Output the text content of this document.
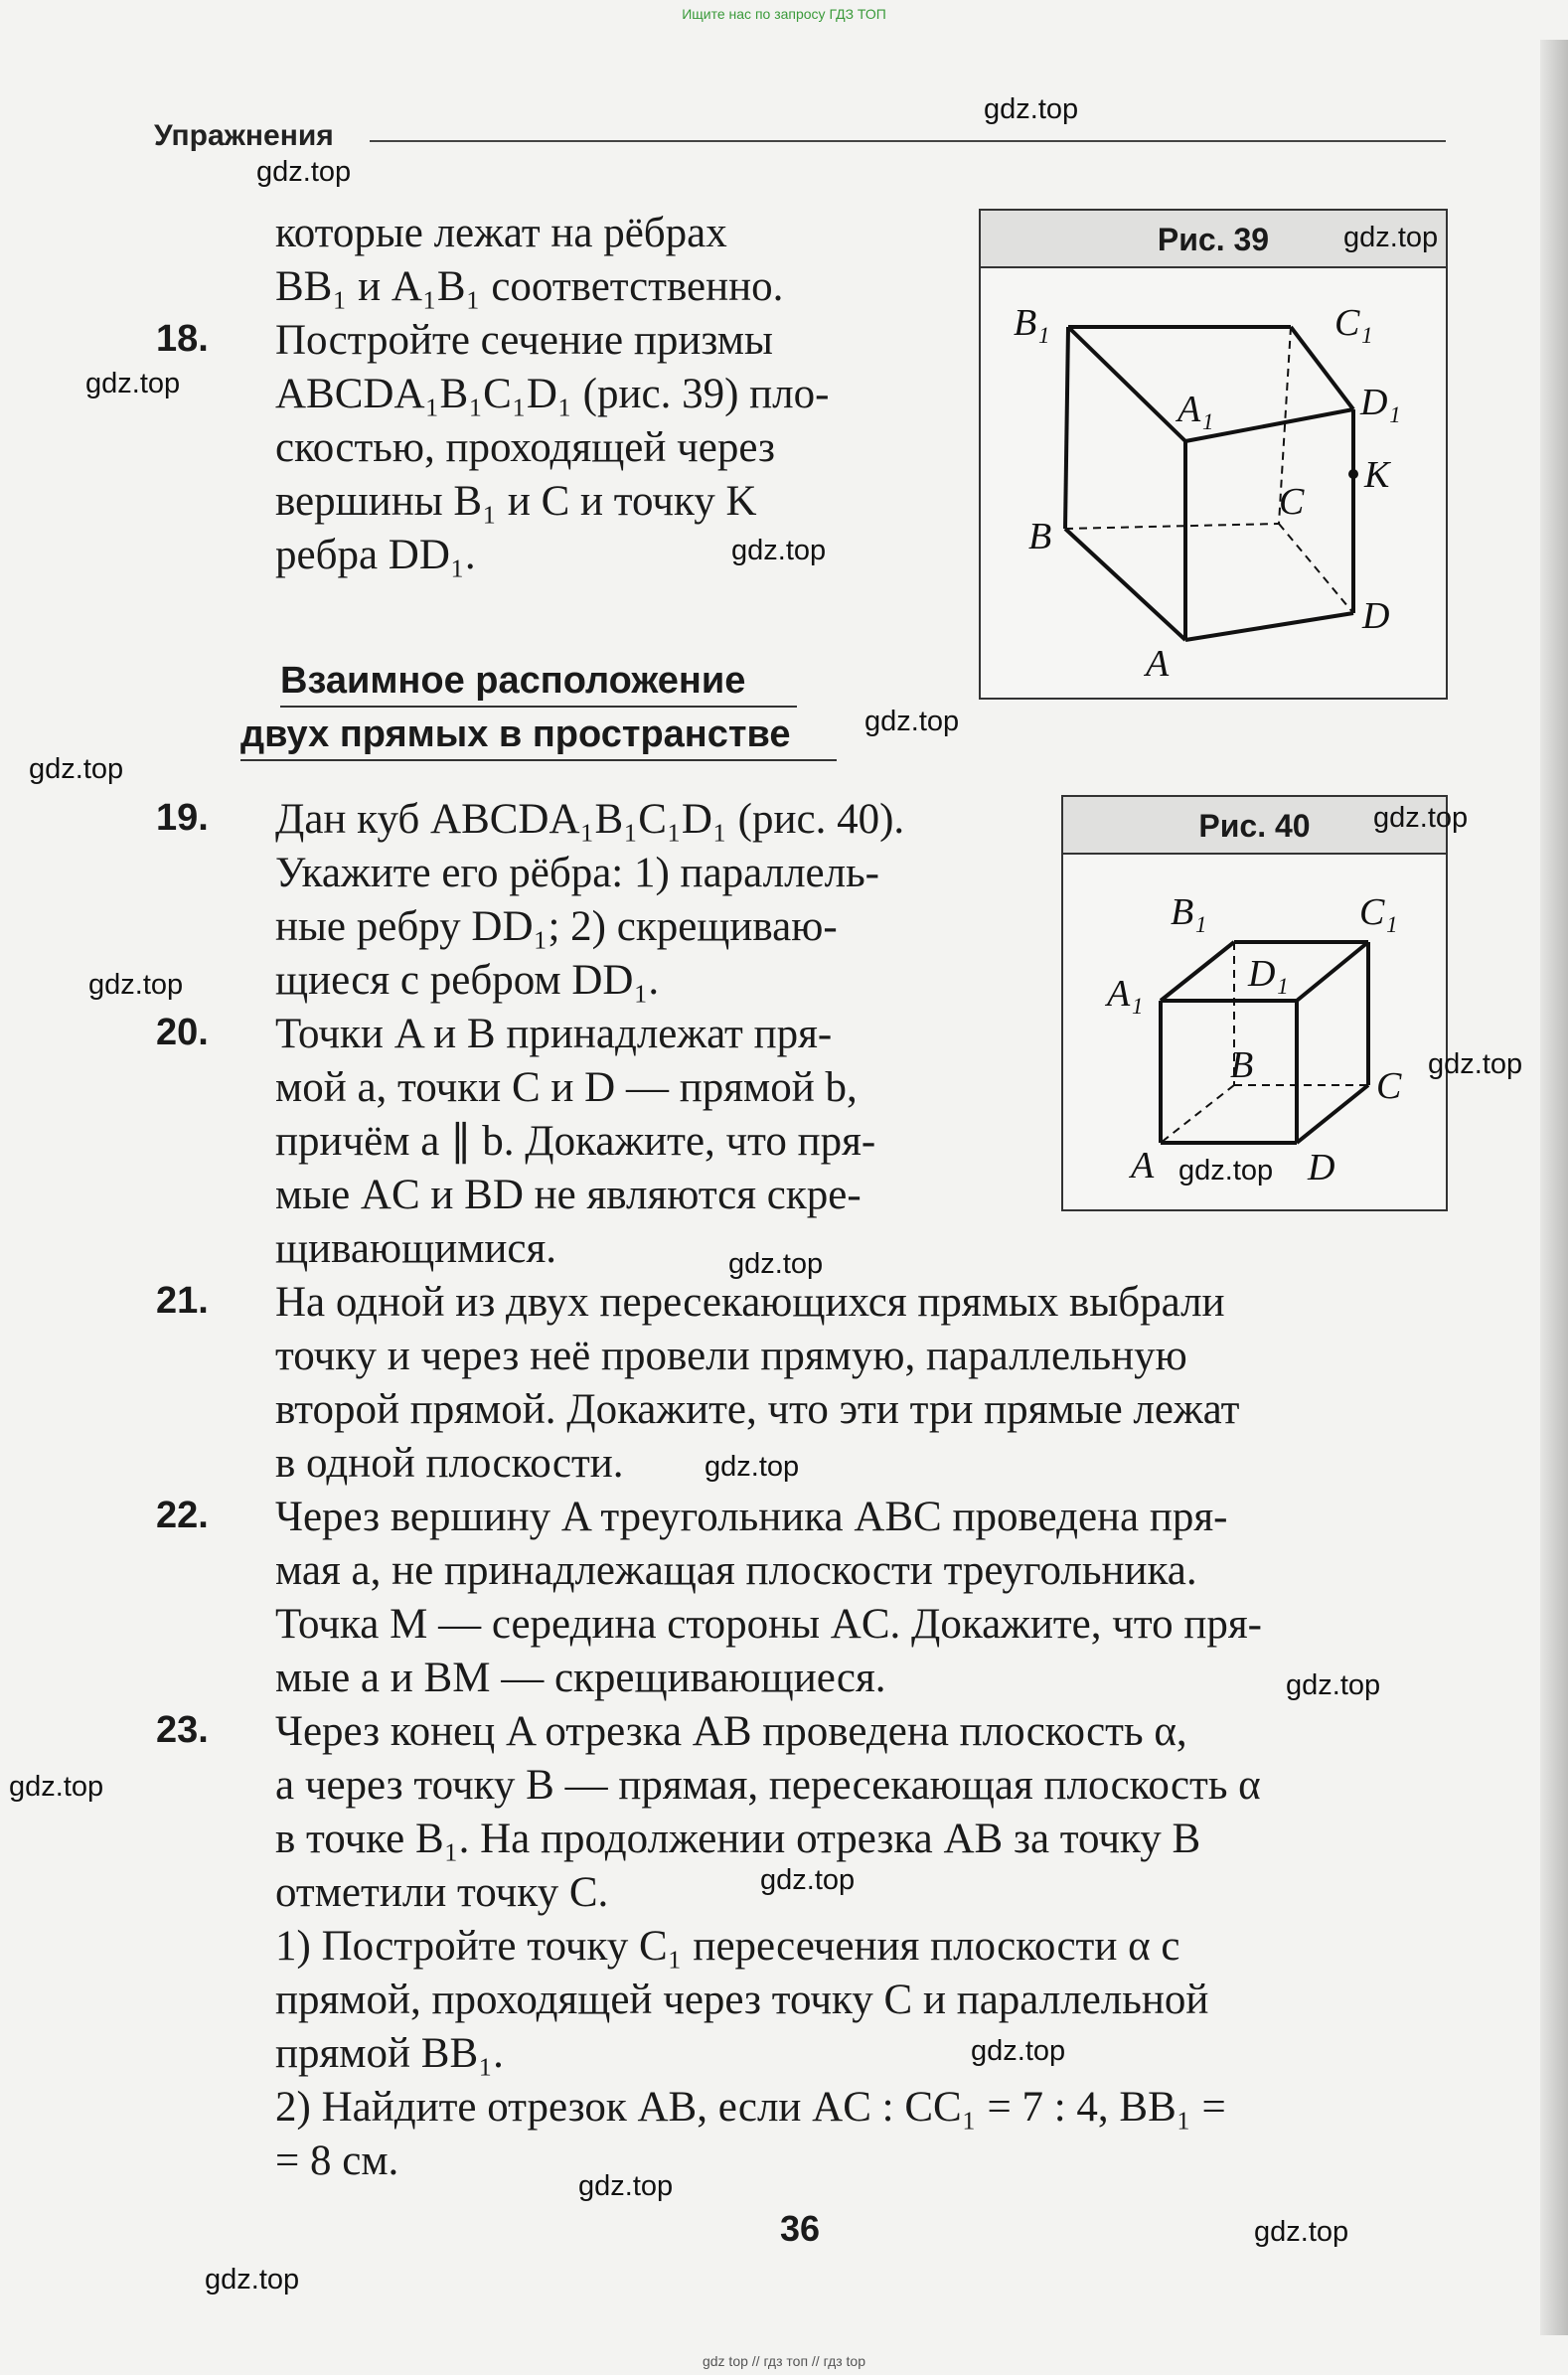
Ищите нас по запросу ГДЗ ТОП
Упражнения
которые лежат на рёбрах
BB₁ и A₁B₁ соответственно.
18. Постройте сечение призмы
ABCDA₁B₁C₁D₁ (рис. 39) пло-
скостью, проходящей через
вершины B₁ и C и точку K
ребра DD₁.
Взаимное расположение
двух прямых в пространстве
19. Дан куб ABCDA₁B₁C₁D₁ (рис. 40).
Укажите его рёбра: 1) параллель-
ные ребру DD₁; 2) скрещиваю-
щиеся с ребром DD₁.
20. Точки A и B принадлежат пря-
мой a, точки C и D — прямой b,
причём a ∥ b. Докажите, что пря-
мые AC и BD не являются скре-
щивающимися.
21. На одной из двух пересекающихся прямых выбрали
точку и через неё провели прямую, параллельную
второй прямой. Докажите, что эти три прямые лежат
в одной плоскости.
22. Через вершину A треугольника ABC проведена пря-
мая a, не принадлежащая плоскости треугольника.
Точка M — середина стороны AC. Докажите, что пря-
мые a и BM — скрещивающиеся.
23. Через конец A отрезка AB проведена плоскость α,
а через точку B — прямая, пересекающая плоскость α
в точке B₁. На продолжении отрезка AB за точку B
отметили точку C.
1) Постройте точку C₁ пересечения плоскости α с
прямой, проходящей через точку C и параллельной
прямой BB₁.
2) Найдите отрезок AB, если AC : CC₁ = 7 : 4, BB₁ =
= 8 см.
Рис. 39
B₁	C₁
A₁	D₁
K
C
B
D
A
Рис. 40
B₁	C₁
D₁
A₁
B	C
A	D
gdz.top
gdz.top
gdz.top
gdz.top
gdz.top
gdz.top
gdz.top
gdz.top
gdz.top
gdz.top
gdz.top
gdz.top
gdz.top
gdz.top
gdz.top
gdz.top
gdz.top
gdz.top
gdz.top
gdz.top
36
gdz top // гдз топ // гдз top
